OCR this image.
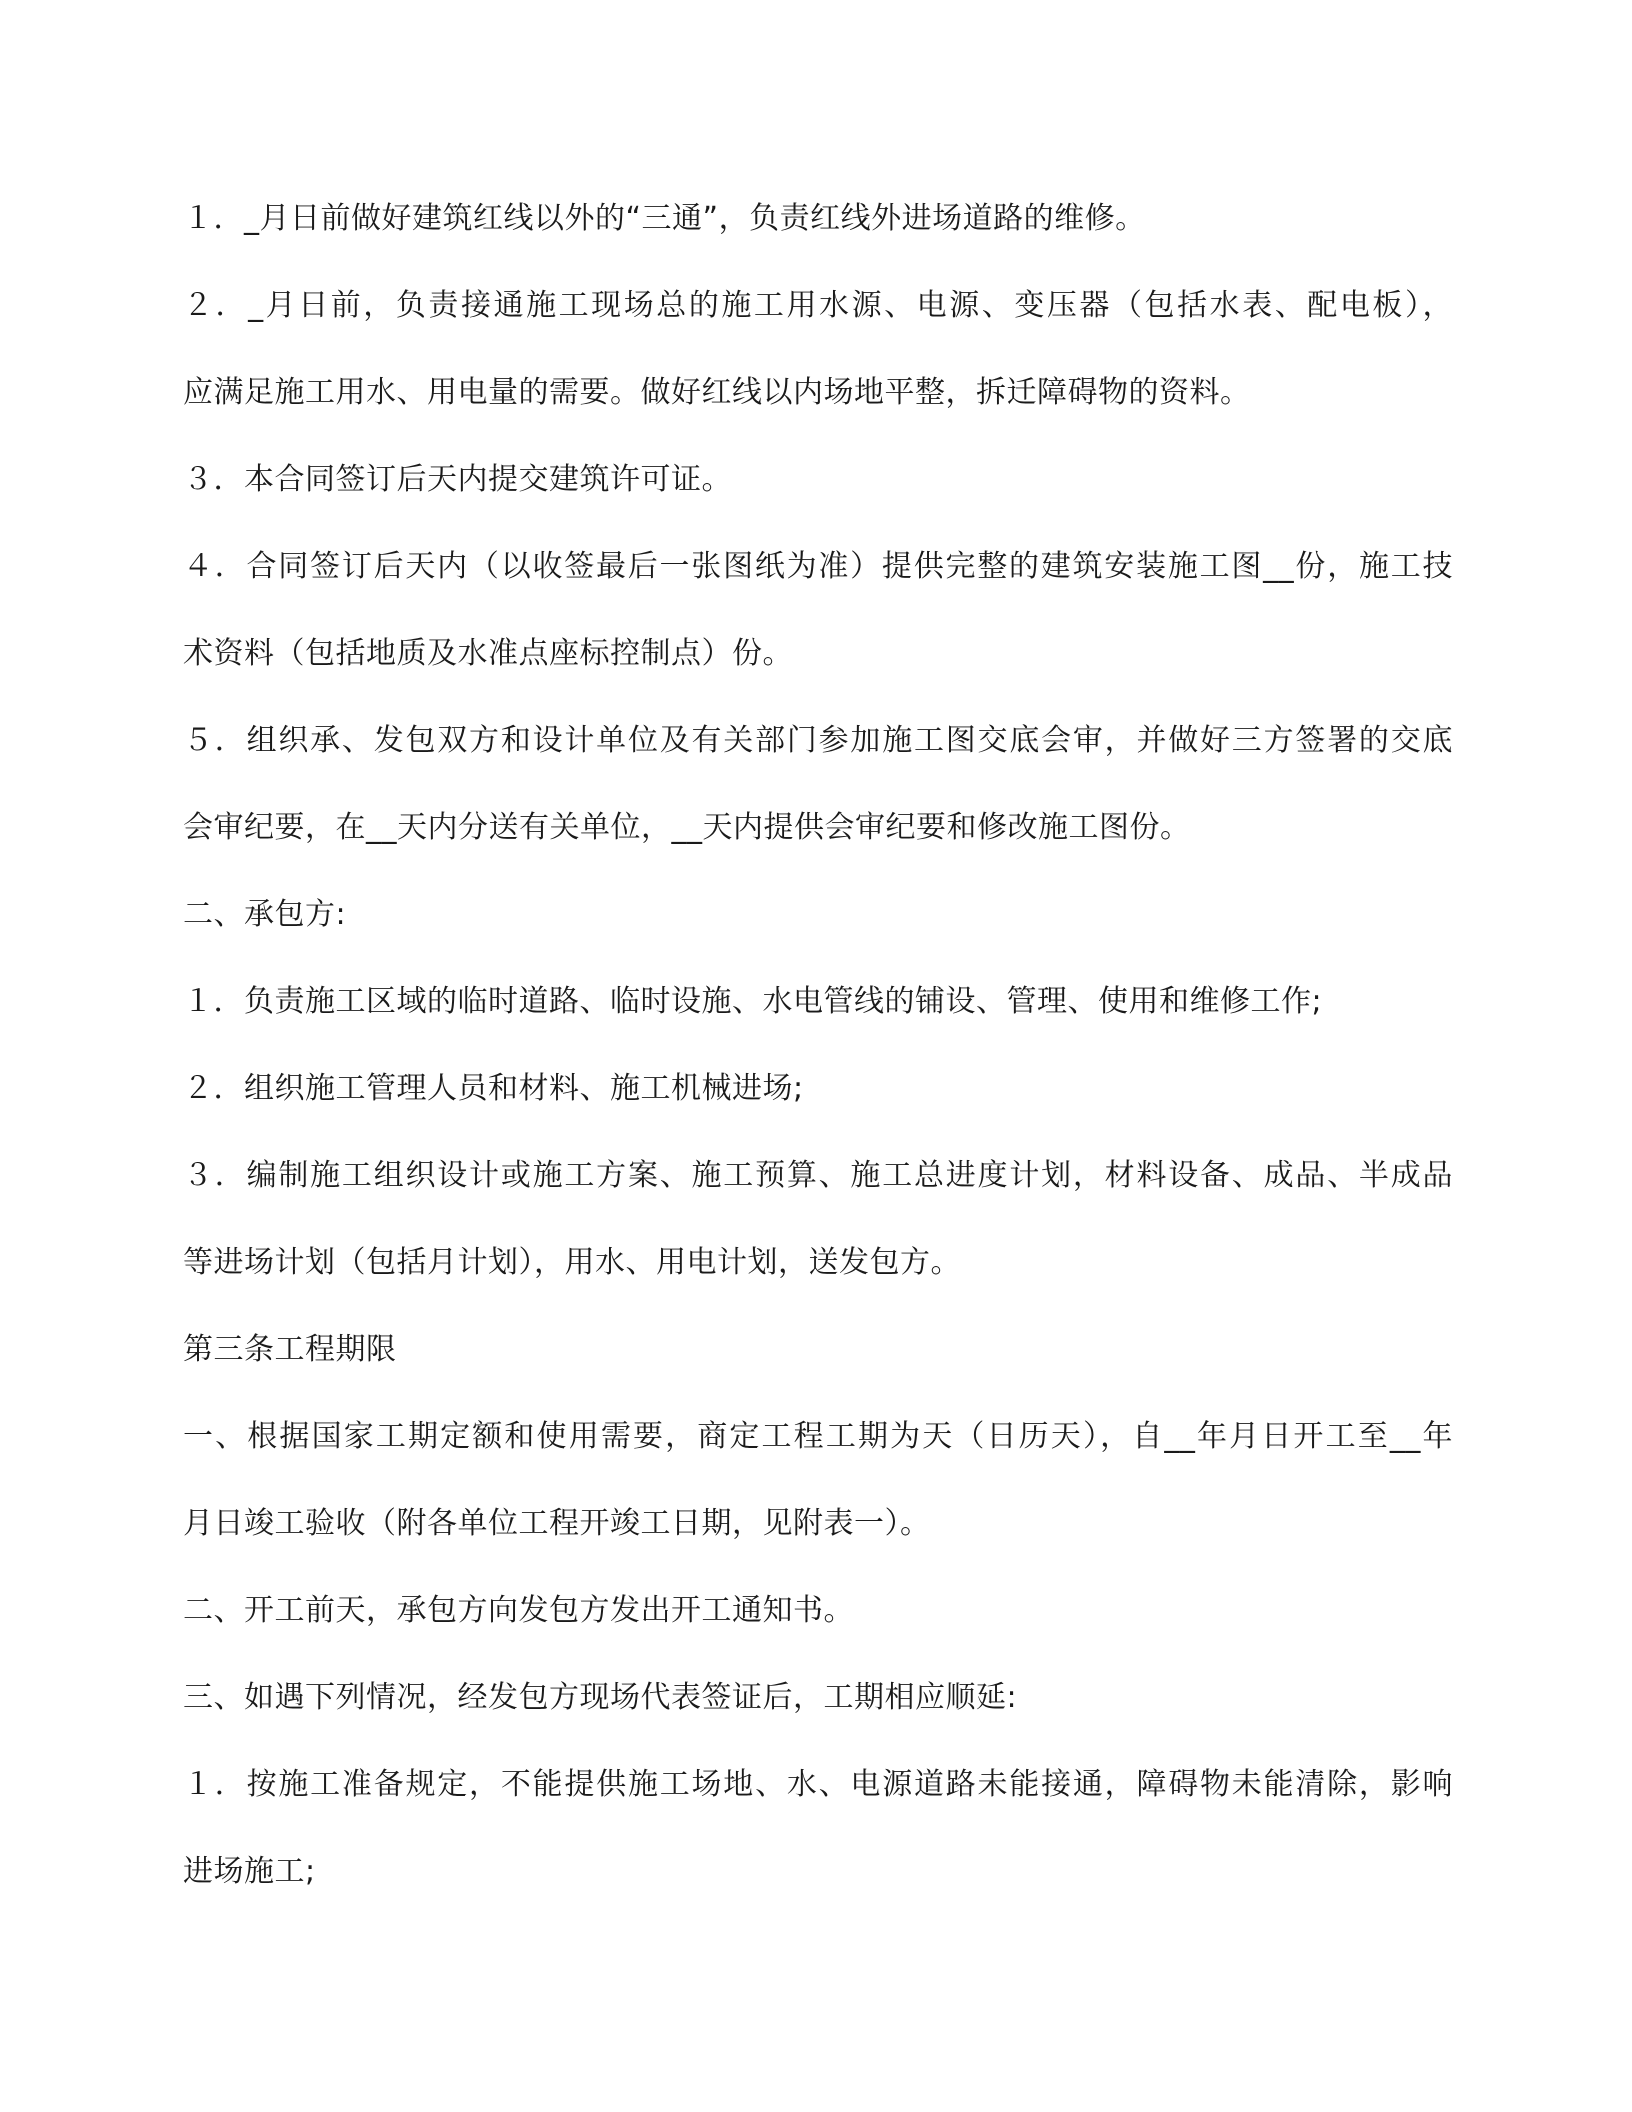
１．_月日前做好建筑红线以外的“三通”，负责红线外进场道路的维修。
２．_月日前，负责接通施工现场总的施工用水源、电源、变压器（包括水表、配电板），
应满足施工用水、用电量的需要。做好红线以内场地平整，拆迁障碍物的资料。
３．本合同签订后天内提交建筑许可证。
４．合同签订后天内（以收签最后一张图纸为准）提供完整的建筑安装施工图__份，施工技
术资料（包括地质及水准点座标控制点）份。
５．组织承、发包双方和设计单位及有关部门参加施工图交底会审，并做好三方签署的交底
会审纪要，在__天内分送有关单位，__天内提供会审纪要和修改施工图份。
二、承包方:
１．负责施工区域的临时道路、临时设施、水电管线的铺设、管理、使用和维修工作;
２．组织施工管理人员和材料、施工机械进场;
３．编制施工组织设计或施工方案、施工预算、施工总进度计划，材料设备、成品、半成品
等进场计划（包括月计划），用水、用电计划，送发包方。
第三条工程期限
一、根据国家工期定额和使用需要，商定工程工期为天（日历天），自__年月日开工至__年
月日竣工验收（附各单位工程开竣工日期，见附表一）。
二、开工前天，承包方向发包方发出开工通知书。
三、如遇下列情况，经发包方现场代表签证后，工期相应顺延:
１．按施工准备规定，不能提供施工场地、水、电源道路未能接通，障碍物未能清除，影响
进场施工;
